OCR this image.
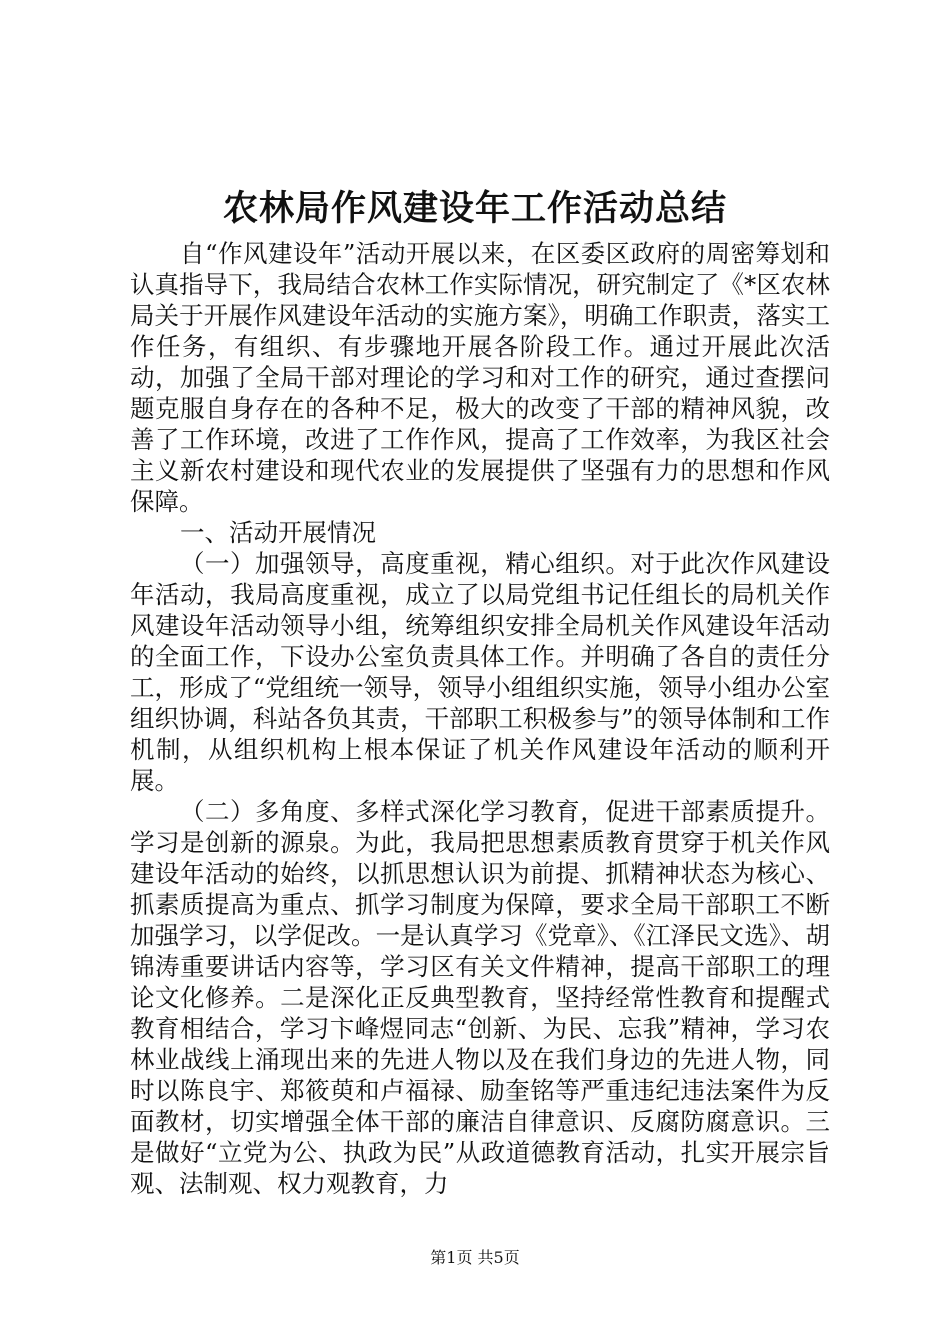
农林局作风建设年工作活动总结

自“作风建设年”活动开展以来，在区委区政府的周密筹划和认真指导下，我局结合农林工作实际情况，研究制定了《*区农林局关于开展作风建设年活动的实施方案》，明确工作职责，落实工作任务，有组织、有步骤地开展各阶段工作。通过开展此次活动，加强了全局干部对理论的学习和对工作的研究，通过查摆问题克服自身存在的各种不足，极大的改变了干部的精神风貌，改善了工作环境，改进了工作作风，提高了工作效率，为我区社会主义新农村建设和现代农业的发展提供了坚强有力的思想和作风保障。

一、活动开展情况

（一）加强领导，高度重视，精心组织。对于此次作风建设年活动，我局高度重视，成立了以局党组书记任组长的局机关作风建设年活动领导小组，统筹组织安排全局机关作风建设年活动的全面工作，下设办公室负责具体工作。并明确了各自的责任分工，形成了“党组统一领导，领导小组组织实施，领导小组办公室组织协调，科站各负其责，干部职工积极参与”的领导体制和工作机制，从组织机构上根本保证了机关作风建设年活动的顺利开展。

（二）多角度、多样式深化学习教育，促进干部素质提升。学习是创新的源泉。为此，我局把思想素质教育贯穿于机关作风建设年活动的始终，以抓思想认识为前提、抓精神状态为核心、抓素质提高为重点、抓学习制度为保障，要求全局干部职工不断加强学习，以学促改。一是认真学习《党章》、《江泽民文选》、胡锦涛重要讲话内容等，学习区有关文件精神，提高干部职工的理论文化修养。二是深化正反典型教育，坚持经常性教育和提醒式教育相结合，学习卞峰煜同志“创新、为民、忘我”精神，学习农林业战线上涌现出来的先进人物以及在我们身边的先进人物，同时以陈良宇、郑筱萸和卢福禄、励奎铭等严重违纪违法案件为反面教材，切实增强全体干部的廉洁自律意识、反腐防腐意识。三是做好“立党为公、执政为民”从政道德教育活动，扎实开展宗旨观、法制观、权力观教育，力

第1页 共5页
